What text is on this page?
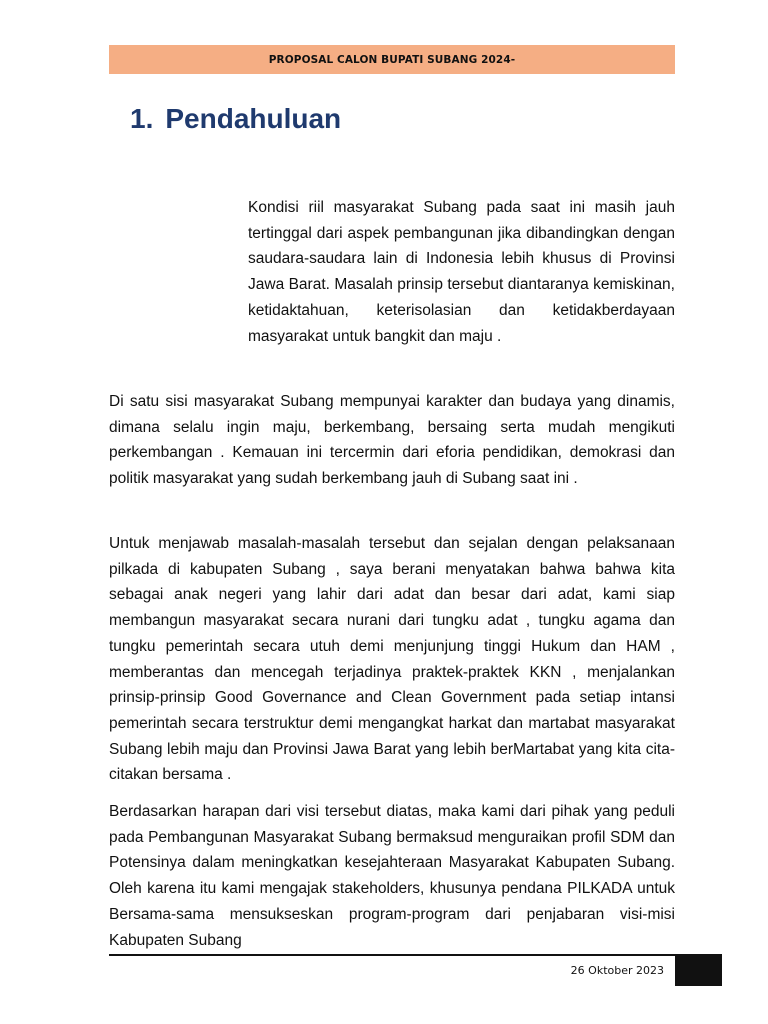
PROPOSAL CALON BUPATI SUBANG 2024-
1. Pendahuluan

Kondisi riil masyarakat Subang pada saat ini masih jauh tertinggal dari aspek pembangunan jika dibandingkan dengan saudara-saudara lain di Indonesia lebih khusus di Provinsi Jawa Barat. Masalah prinsip tersebut diantaranya kemiskinan, ketidaktahuan, keterisolasian dan ketidakberdayaan masyarakat untuk bangkit dan maju .

Di satu sisi masyarakat Subang mempunyai karakter dan budaya yang dinamis, dimana selalu ingin maju, berkembang, bersaing serta mudah mengikuti perkembangan . Kemauan ini tercermin dari eforia pendidikan, demokrasi dan politik masyarakat yang sudah berkembang jauh di Subang saat ini .

Untuk menjawab masalah-masalah tersebut dan sejalan dengan pelaksanaan pilkada di kabupaten Subang , saya berani menyatakan bahwa bahwa kita sebagai anak negeri yang lahir dari adat dan besar dari adat, kami siap membangun masyarakat secara nurani dari tungku adat , tungku agama dan tungku pemerintah secara utuh demi menjunjung tinggi Hukum dan HAM , memberantas dan mencegah terjadinya praktek-praktek KKN , menjalankan prinsip-prinsip Good Governance and Clean Government pada setiap intansi pemerintah secara terstruktur demi mengangkat harkat dan martabat masyarakat Subang lebih maju dan Provinsi Jawa Barat yang lebih berMartabat yang kita cita-citakan bersama .

Berdasarkan harapan dari visi tersebut diatas, maka kami dari pihak yang peduli pada Pembangunan Masyarakat Subang bermaksud menguraikan profil SDM dan Potensinya dalam meningkatkan kesejahteraan Masyarakat Kabupaten Subang. Oleh karena itu kami mengajak stakeholders, khusunya pendana PILKADA untuk Bersama-sama mensukseskan program-program dari penjabaran visi-misi Kabupaten Subang

26 Oktober 2023
